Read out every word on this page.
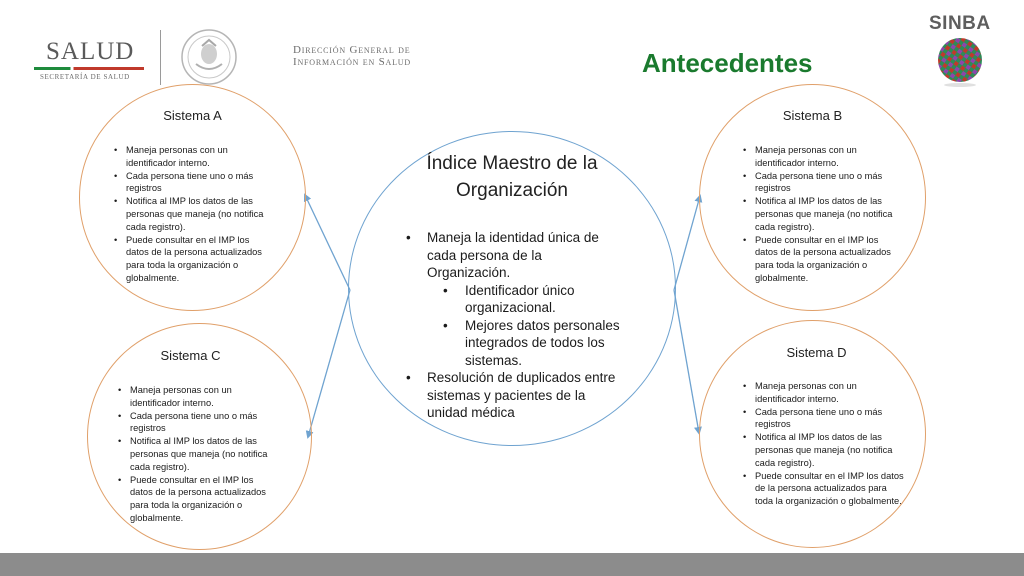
SALUD
SECRETARÍA DE SALUD
Dirección General de
Información en Salud	Antecedentes
SINBA
Sistema A
• Maneja personas con un identificador interno.
• Cada persona tiene uno o más registros
• Notifica al IMP los datos de las personas que maneja (no notifica cada registro).
• Puede consultar en el IMP los datos de la persona actualizados para toda la organización o globalmente.
Sistema B
• Maneja personas con un identificador interno.
• Cada persona tiene uno o más registros
• Notifica al IMP los datos de las personas que maneja (no notifica cada registro).
• Puede consultar en el IMP los datos de la persona actualizados para toda la organización o globalmente.
Sistema C
• Maneja personas con un identificador interno.
• Cada persona tiene uno o más registros
• Notifica al IMP los datos de las personas que maneja (no notifica cada registro).
• Puede consultar en el IMP los datos de la persona actualizados para toda la organización o globalmente.
Sistema D
• Maneja personas con un identificador interno.
• Cada persona tiene uno o más registros
• Notifica al IMP los datos de las personas que maneja (no notifica cada registro).
• Puede consultar en el IMP los datos de la persona actualizados para toda la organización o globalmente.
Índice Maestro de la
Organización
• Maneja la identidad única de cada persona de la Organización.
• Identificador único organizacional.
• Mejores datos personales integrados de todos los sistemas.
• Resolución de duplicados entre sistemas y pacientes de la unidad médica
